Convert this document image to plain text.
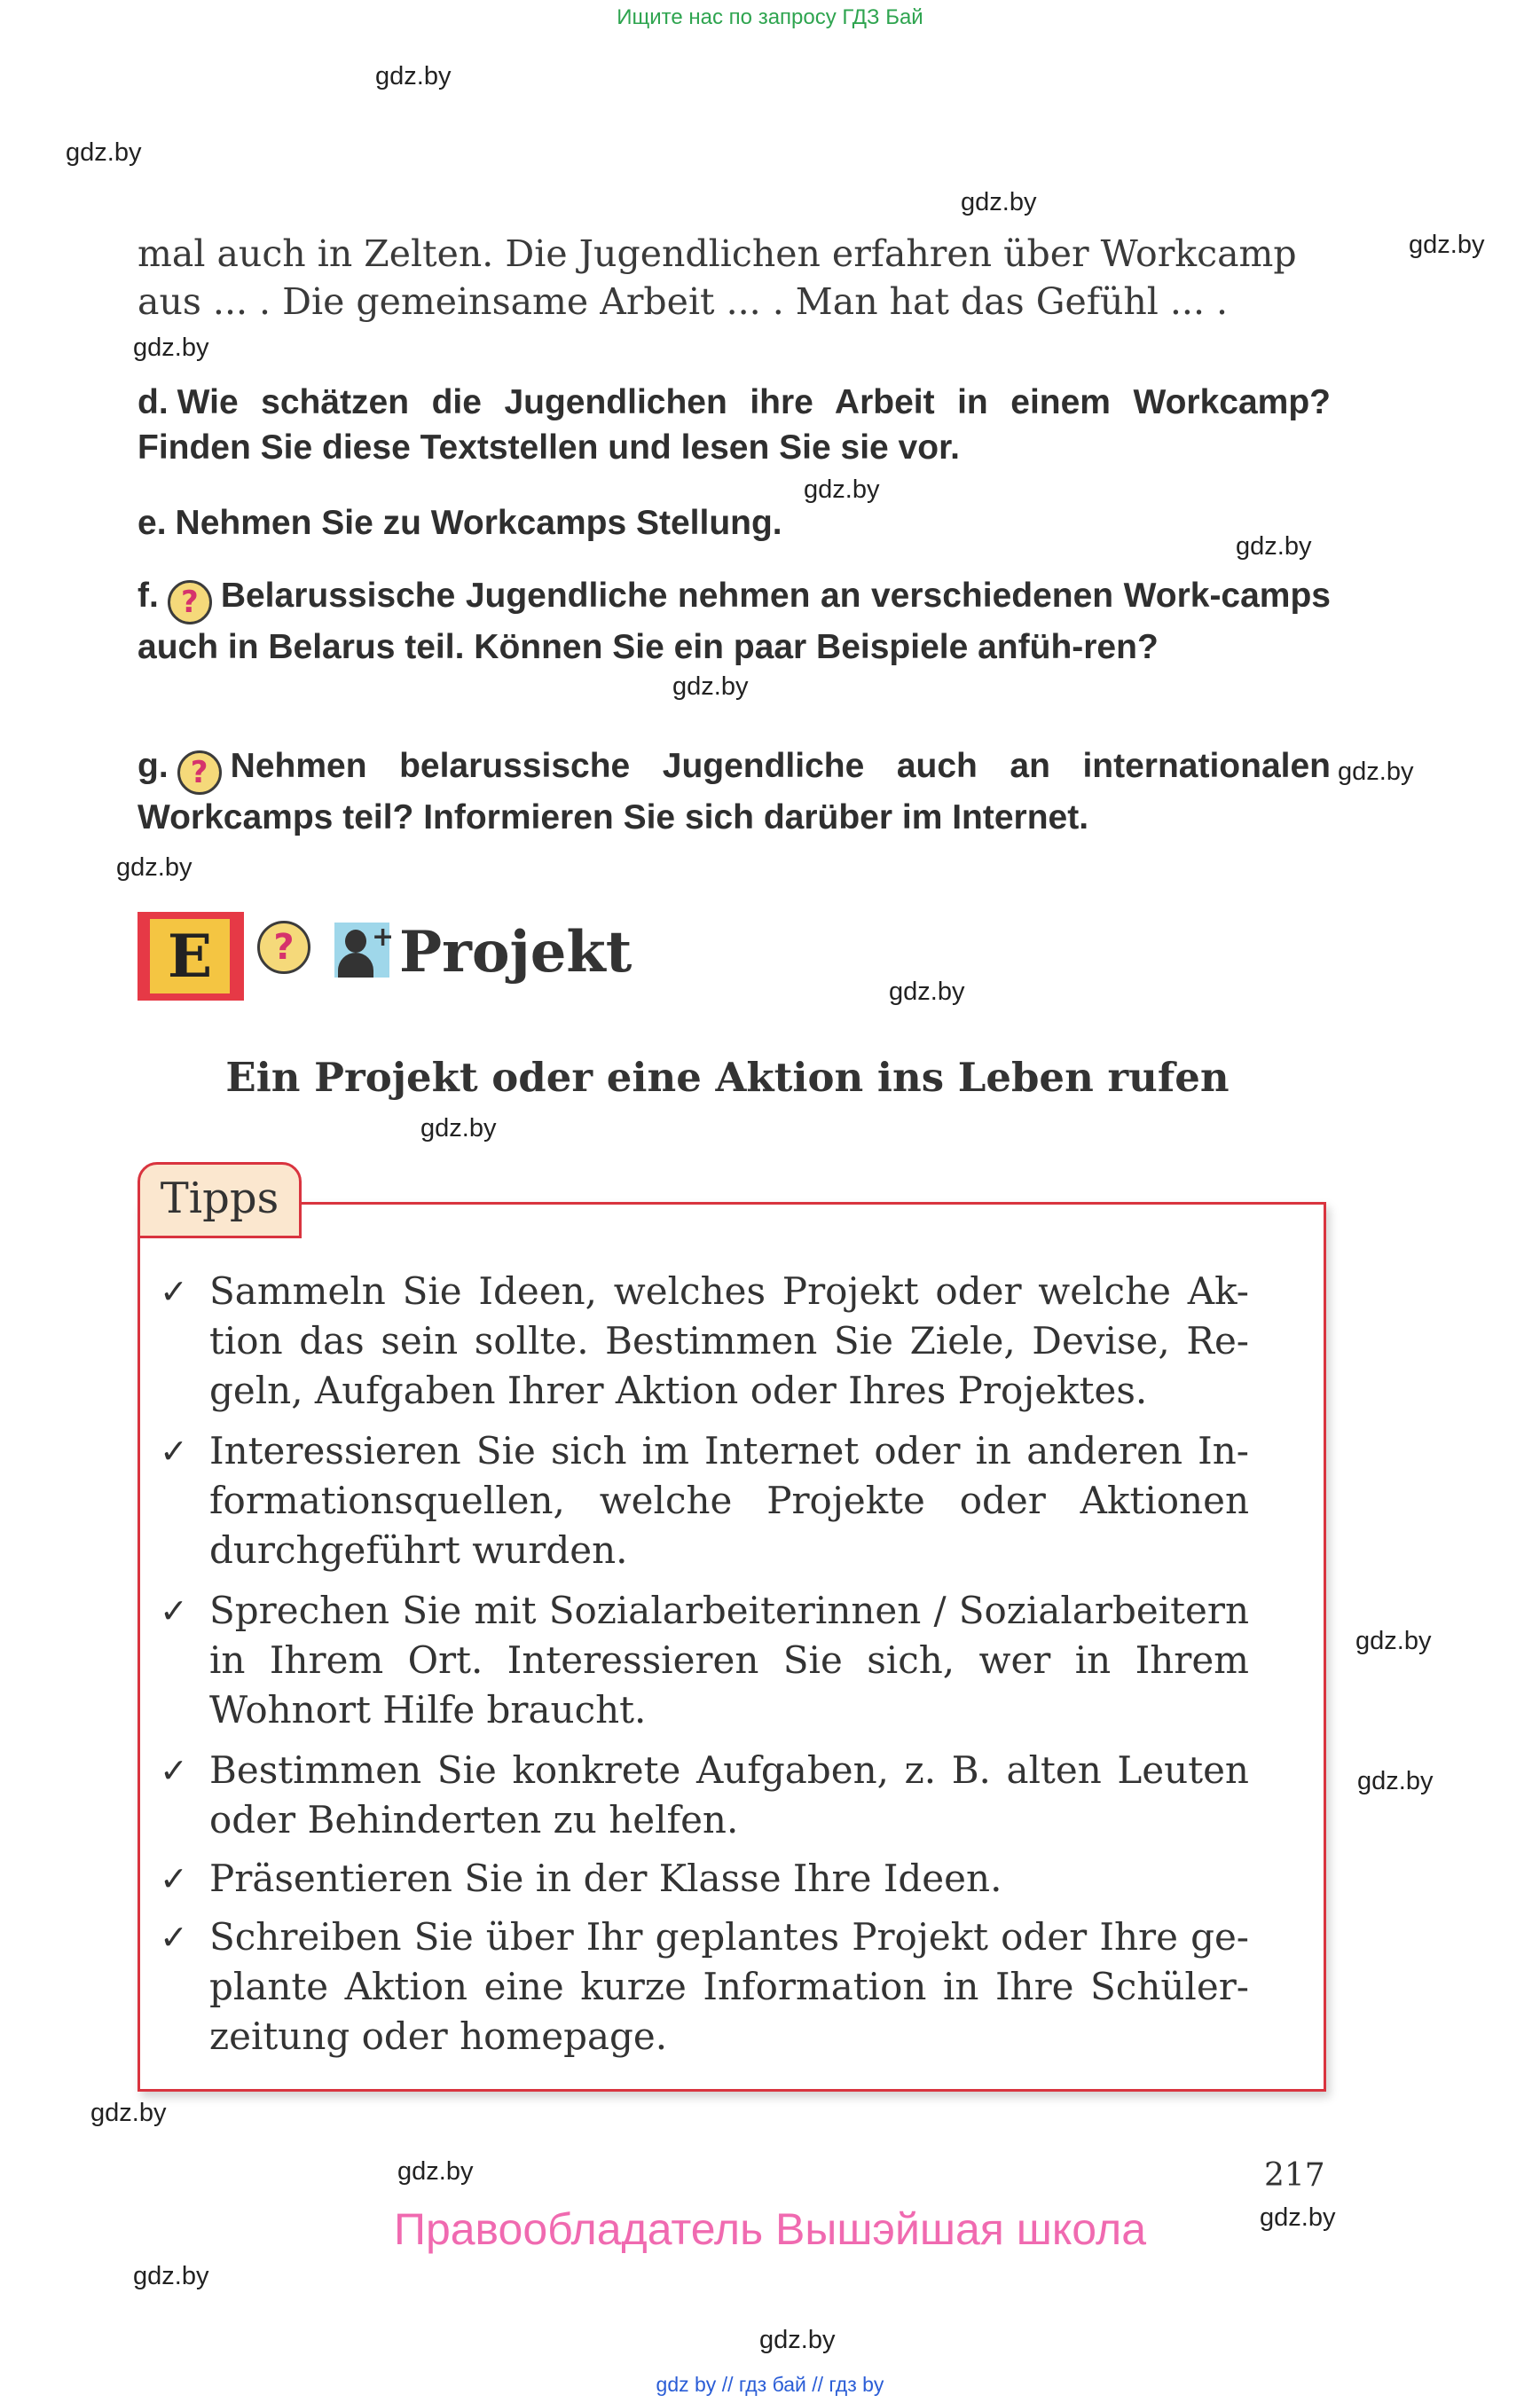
Ищите нас по запросу ГДЗ Бай
gdz.by
gdz.by
gdz.by
gdz.by
gdz.by
gdz.by
gdz.by
gdz.by
gdz.by
gdz.by
gdz.by
gdz.by
gdz.by
gdz.by
gdz.by
gdz.by
gdz.by
gdz.by
gdz.by
mal auch in Zelten. Die Jugendlichen erfahren über Workcamp
aus ... . Die gemeinsame Arbeit ... . Man hat das Gefühl ... .
d. Wie schätzen die Jugendlichen ihre Arbeit in einem Workcamp? Finden Sie diese Textstellen und lesen Sie sie vor.
e. Nehmen Sie zu Workcamps Stellung.
f. ? Belarussische Jugendliche nehmen an verschiedenen Work-camps auch in Belarus teil. Können Sie ein paar Beispiele anfüh-ren?
g. ? Nehmen belarussische Jugendliche auch an internationalen Workcamps teil? Informieren Sie sich darüber im Internet.
E	?	+ Projekt
Ein Projekt oder eine Aktion ins Leben rufen
Tipps
✓ Sammeln Sie Ideen, welches Projekt oder welche Ak-tion das sein sollte. Bestimmen Sie Ziele, Devise, Re-geln, Aufgaben Ihrer Aktion oder Ihres Projektes.
✓ Interessieren Sie sich im Internet oder in anderen In-formationsquellen, welche Projekte oder Aktionen durchgeführt wurden.
✓ Sprechen Sie mit Sozialarbeiterinnen / Sozialarbeitern in Ihrem Ort. Interessieren Sie sich, wer in Ihrem Wohnort Hilfe braucht.
✓ Bestimmen Sie konkrete Aufgaben, z. B. alten Leuten oder Behinderten zu helfen.
✓ Präsentieren Sie in der Klasse Ihre Ideen.
✓ Schreiben Sie über Ihr geplantes Projekt oder Ihre ge-plante Aktion eine kurze Information in Ihre Schüler-zeitung oder homepage.
217
Правообладатель Вышэйшая школа
gdz by // гдз бай // гдз by
